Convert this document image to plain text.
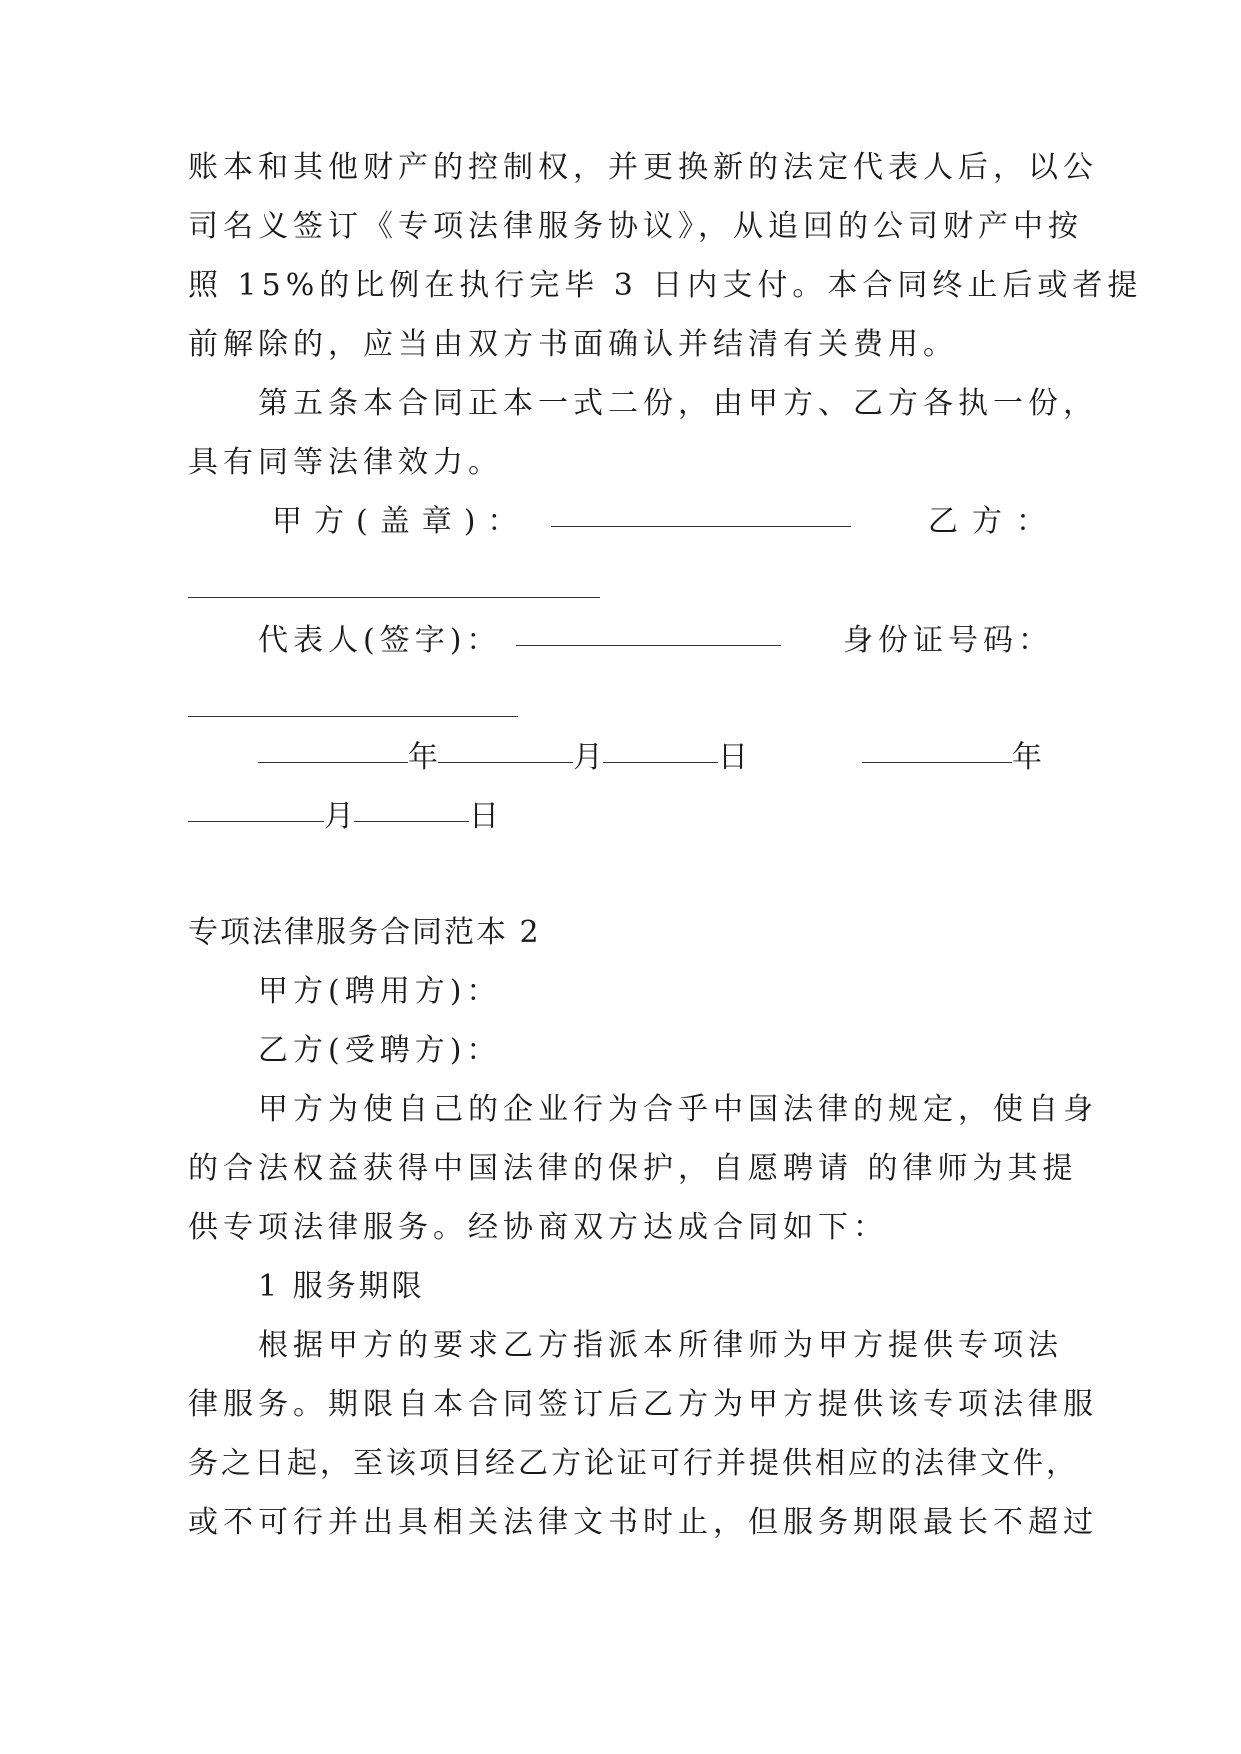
账本和其他财产的控制权，并更换新的法定代表人后，以公
司名义签订《专项法律服务协议》，从追回的公司财产中按
照 15%的比例在执行完毕 3 日内支付。本合同终止后或者提
前解除的，应当由双方书面确认并结清有关费用。
第五条本合同正本一式二份，由甲方、乙方各执一份，
具有同等法律效力。
甲方(盖章)：	乙方：
代表人(签字)：	身份证号码：
年	月	日	年
月	日
专项法律服务合同范本 2
甲方(聘用方)：
乙方(受聘方)：
甲方为使自己的企业行为合乎中国法律的规定，使自身
的合法权益获得中国法律的保护，自愿聘请 的律师为其提
供专项法律服务。经协商双方达成合同如下：
1 服务期限
根据甲方的要求乙方指派本所律师为甲方提供专项法
律服务。期限自本合同签订后乙方为甲方提供该专项法律服
务之日起，至该项目经乙方论证可行并提供相应的法律文件，
或不可行并出具相关法律文书时止，但服务期限最长不超过
